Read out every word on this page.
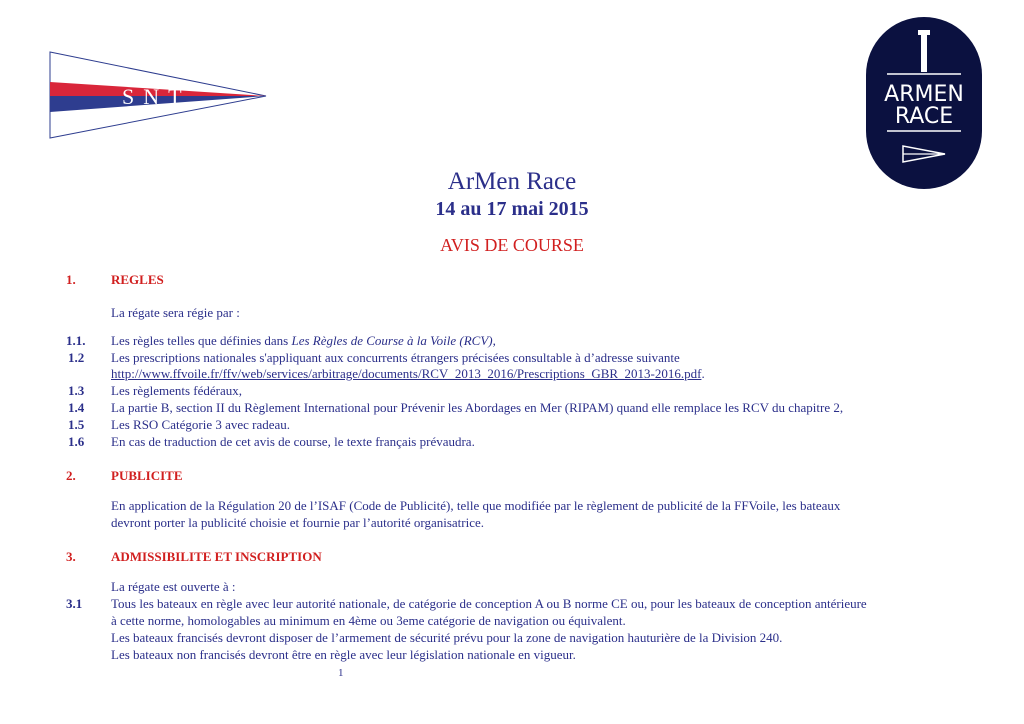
SNT	ARMEN
RACE
ArMen Race
14 au 17 mai 2015
AVIS DE COURSE
1.	REGLES
La régate sera régie par :
1.1. Les règles telles que définies dans Les Règles de Course à la Voile (RCV),
1.2 Les prescriptions nationales s'appliquant aux concurrents étrangers précisées consultable à d’adresse suivante
http://www.ffvoile.fr/ffv/web/services/arbitrage/documents/RCV_2013_2016/Prescriptions_GBR_2013-2016.pdf.
1.3 Les règlements fédéraux,
1.4 La partie B, section II du Règlement International pour Prévenir les Abordages en Mer (RIPAM) quand elle remplace les RCV du chapitre 2,
1.5 Les RSO Catégorie 3 avec radeau.
1.6 En cas de traduction de cet avis de course, le texte français prévaudra.
2.	PUBLICITE
En application de la Régulation 20 de l’ISAF (Code de Publicité), telle que modifiée par le règlement de publicité de la FFVoile, les bateaux
devront porter la publicité choisie et fournie par l’autorité organisatrice.
3.	ADMISSIBILITE ET INSCRIPTION
La régate est ouverte à :
3.1 Tous les bateaux en règle avec leur autorité nationale, de catégorie de conception A ou B norme CE ou, pour les bateaux de conception antérieure
à cette norme, homologables au minimum en 4ème ou 3eme catégorie de navigation ou équivalent.
Les bateaux francisés devront disposer de l’armement de sécurité prévu pour la zone de navigation hauturière de la Division 240.
Les bateaux non francisés devront être en règle avec leur législation nationale en vigueur.
1
